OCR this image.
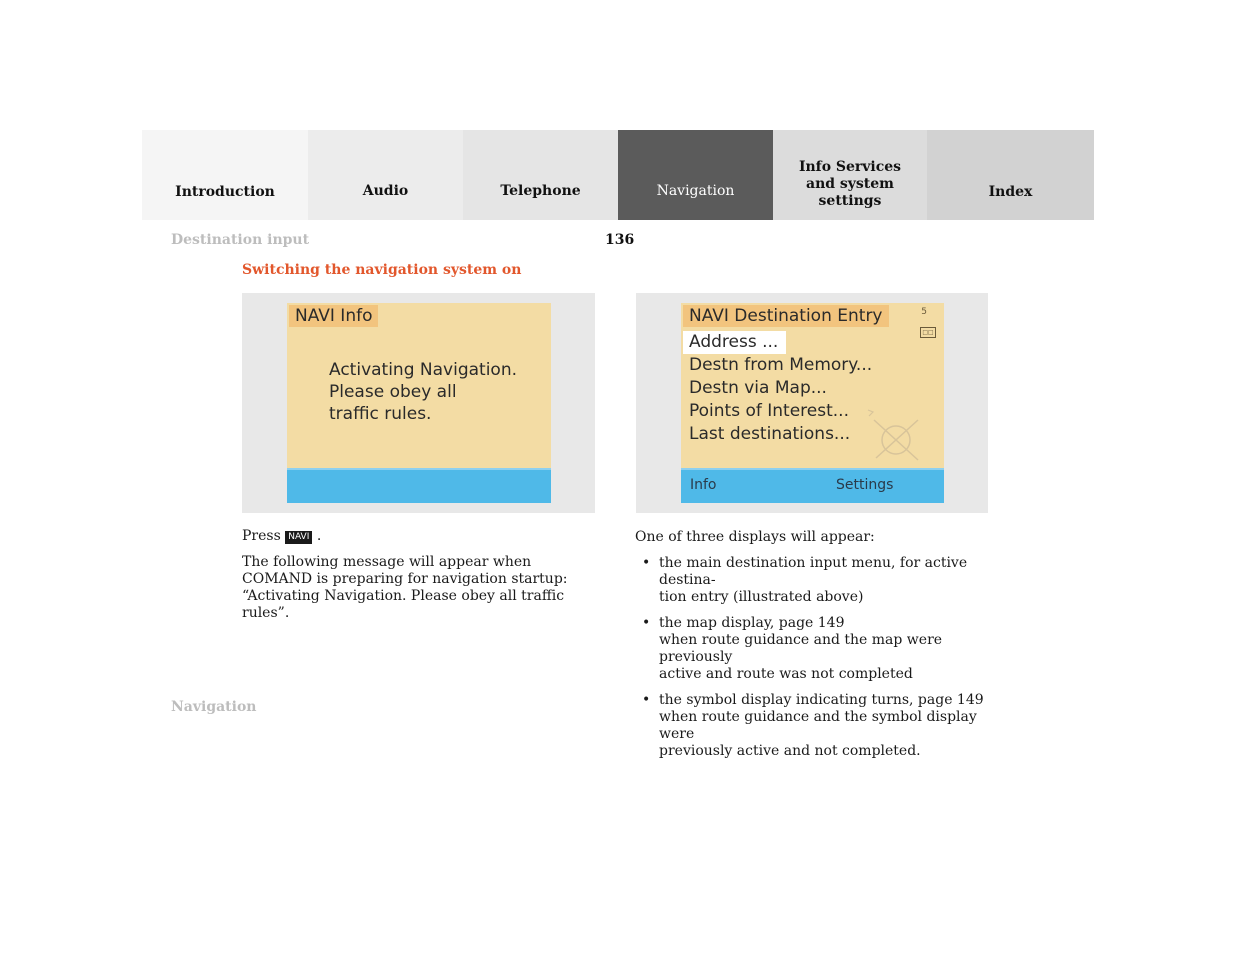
Introduction	Audio	Telephone	Navigation
Info Services and system settings
Index
Destination input	136
Switching the navigation system on
NAVI Info
Activating Navigation.
Please obey all
traffic rules.
NAVI Destination Entry	5
□□
Address ...
Destn from Memory...
Destn via Map...
Points of Interest...
Last destinations...
Info	Settings
Press NAVI .
The following message will appear when COMAND is preparing for navigation startup: “Activating Navigation. Please obey all traffic rules”.
One of three displays will appear:
• the main destination input menu, for active destina-
tion entry (illustrated above)
• the map display, page 149
when route guidance and the map were previously
active and route was not completed
• the symbol display indicating turns, page 149
when route guidance and the symbol display were
previously active and not completed.
Navigation
